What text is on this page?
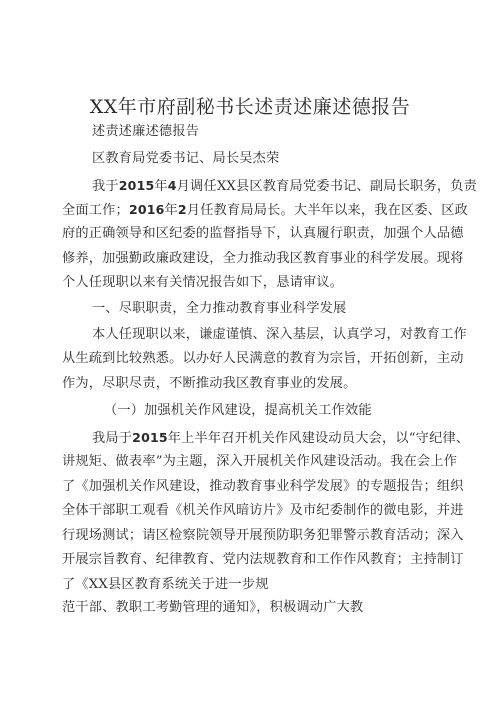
XX年市府副秘书长述责述廉述德报告
述责述廉述德报告
区教育局党委书记、局长吴杰荣
我于2015年4月调任XX县区教育局党委书记、副局长职务，负责
全面工作；2016年2月任教育局局长。大半年以来，我在区委、区政
府的正确领导和区纪委的监督指导下，认真履行职责，加强个人品德
修养，加强勤政廉政建设，全力推动我区教育事业的科学发展。现将
个人任现职以来有关情况报告如下，恳请审议。
一、尽职职责，全力推动教育事业科学发展
本人任现职以来，谦虚谨慎、深入基层，认真学习，对教育工作
从生疏到比较熟悉。以办好人民满意的教育为宗旨，开拓创新，主动
作为，尽职尽责，不断推动我区教育事业的发展。
（一）加强机关作风建设，提高机关工作效能
我局于2015年上半年召开机关作风建设动员大会，以“守纪律、
讲规矩、做表率”为主题，深入开展机关作风建设活动。我在会上作
了《加强机关作风建设，推动教育事业科学发展》的专题报告；组织
全体干部职工观看《机关作风暗访片》及市纪委制作的微电影，并进
行现场测试；请区检察院领导开展预防职务犯罪警示教育活动；深入
开展宗旨教育、纪律教育、党内法规教育和工作作风教育；主持制订
了《XX县区教育系统关于进一步规
范干部、教职工考勤管理的通知》，积极调动广大教
